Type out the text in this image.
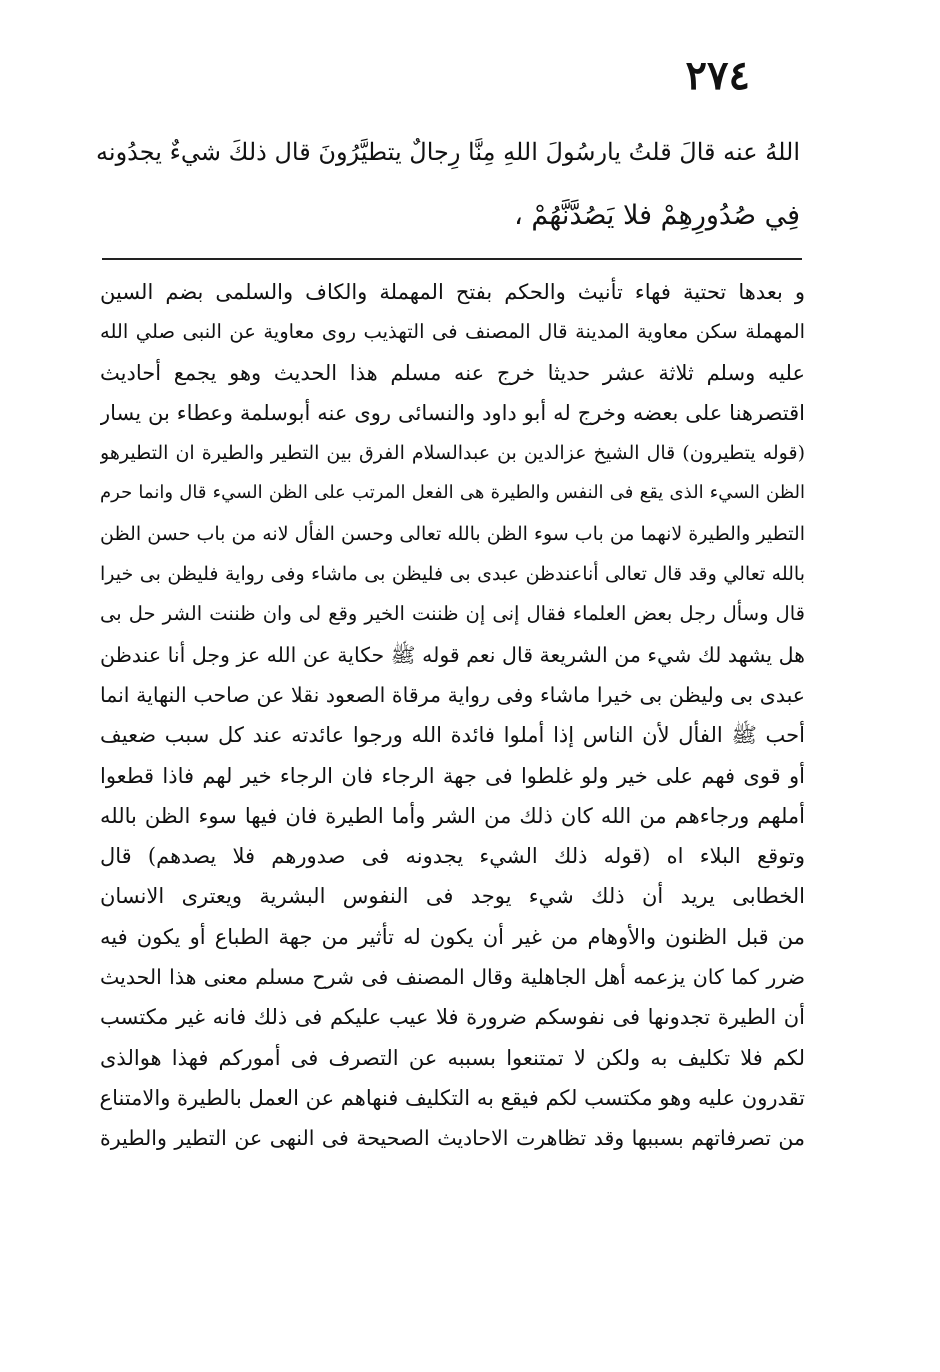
٢٧٤
اللهُ عنه قالَ قلتُ يارسُولَ اللهِ مِنَّا رِجالٌ يتطيَّرُونَ قال ذلكَ شيءٌ يجدُونه
فِي صُدُورِهِمْ فلا يَصُدَّنَّهُمْ ،
و بعدها تحتية فهاء تأنيث والحكم بفتح المهملة والكاف والسلمى بضم السين
المهملة سكن معاوية المدينة قال المصنف فى التهذيب روى معاوية عن النبى صلي الله
عليه وسلم ثلاثة عشر حديثا خرج عنه مسلم هذا الحديث وهو يجمع أحاديث
اقتصرهنا على بعضه وخرج له أبو داود والنسائى روى عنه أبوسلمة وعطاء بن يسار
(قوله يتطيرون) قال الشيخ عزالدين بن عبدالسلام الفرق بين التطير والطيرة ان التطيرهو
الظن السيء الذى يقع فى النفس والطيرة هى الفعل المرتب على الظن السيء قال وانما حرم
التطير والطيرة لانهما من باب سوء الظن بالله تعالى وحسن الفأل لانه من باب حسن الظن
بالله تعالي وقد قال تعالى أناعندظن عبدى بى فليظن بى ماشاء وفى رواية فليظن بى خيرا
قال وسأل رجل بعض العلماء فقال إنى إن ظننت الخير وقع لى وان ظننت الشر حل بى
هل يشهد لك شيء من الشريعة قال نعم قوله ﷺ حكاية عن الله عز وجل أنا عندظن
عبدى بى وليظن بى خيرا ماشاء وفى رواية مرقاة الصعود نقلا عن صاحب النهاية انما
أحب ﷺ الفأل لأن الناس إذا أملوا فائدة الله ورجوا عائدته عند كل سبب ضعيف
أو قوى فهم على خير ولو غلطوا فى جهة الرجاء فان الرجاء خير لهم فاذا قطعوا
أملهم ورجاءهم من الله كان ذلك من الشر وأما الطيرة فان فيها سوء الظن بالله
وتوقع البلاء اه (قوله ذلك الشيء يجدونه فى صدورهم فلا يصدهم) قال
الخطابى يريد أن ذلك شيء يوجد فى النفوس البشرية ويعترى الانسان
من قبل الظنون والأوهام من غير أن يكون له تأثير من جهة الطباع أو يكون فيه
ضرر كما كان يزعمه أهل الجاهلية وقال المصنف فى شرح مسلم معنى هذا الحديث
أن الطيرة تجدونها فى نفوسكم ضرورة فلا عيب عليكم فى ذلك فانه غير مكتسب
لكم فلا تكليف به ولكن لا تمتنعوا بسببه عن التصرف فى أموركم فهذا هوالذى
تقدرون عليه وهو مكتسب لكم فيقع به التكليف فنهاهم عن العمل بالطيرة والامتناع
من تصرفاتهم بسببها وقد تظاهرت الاحاديث الصحيحة فى النهى عن التطير والطيرة
